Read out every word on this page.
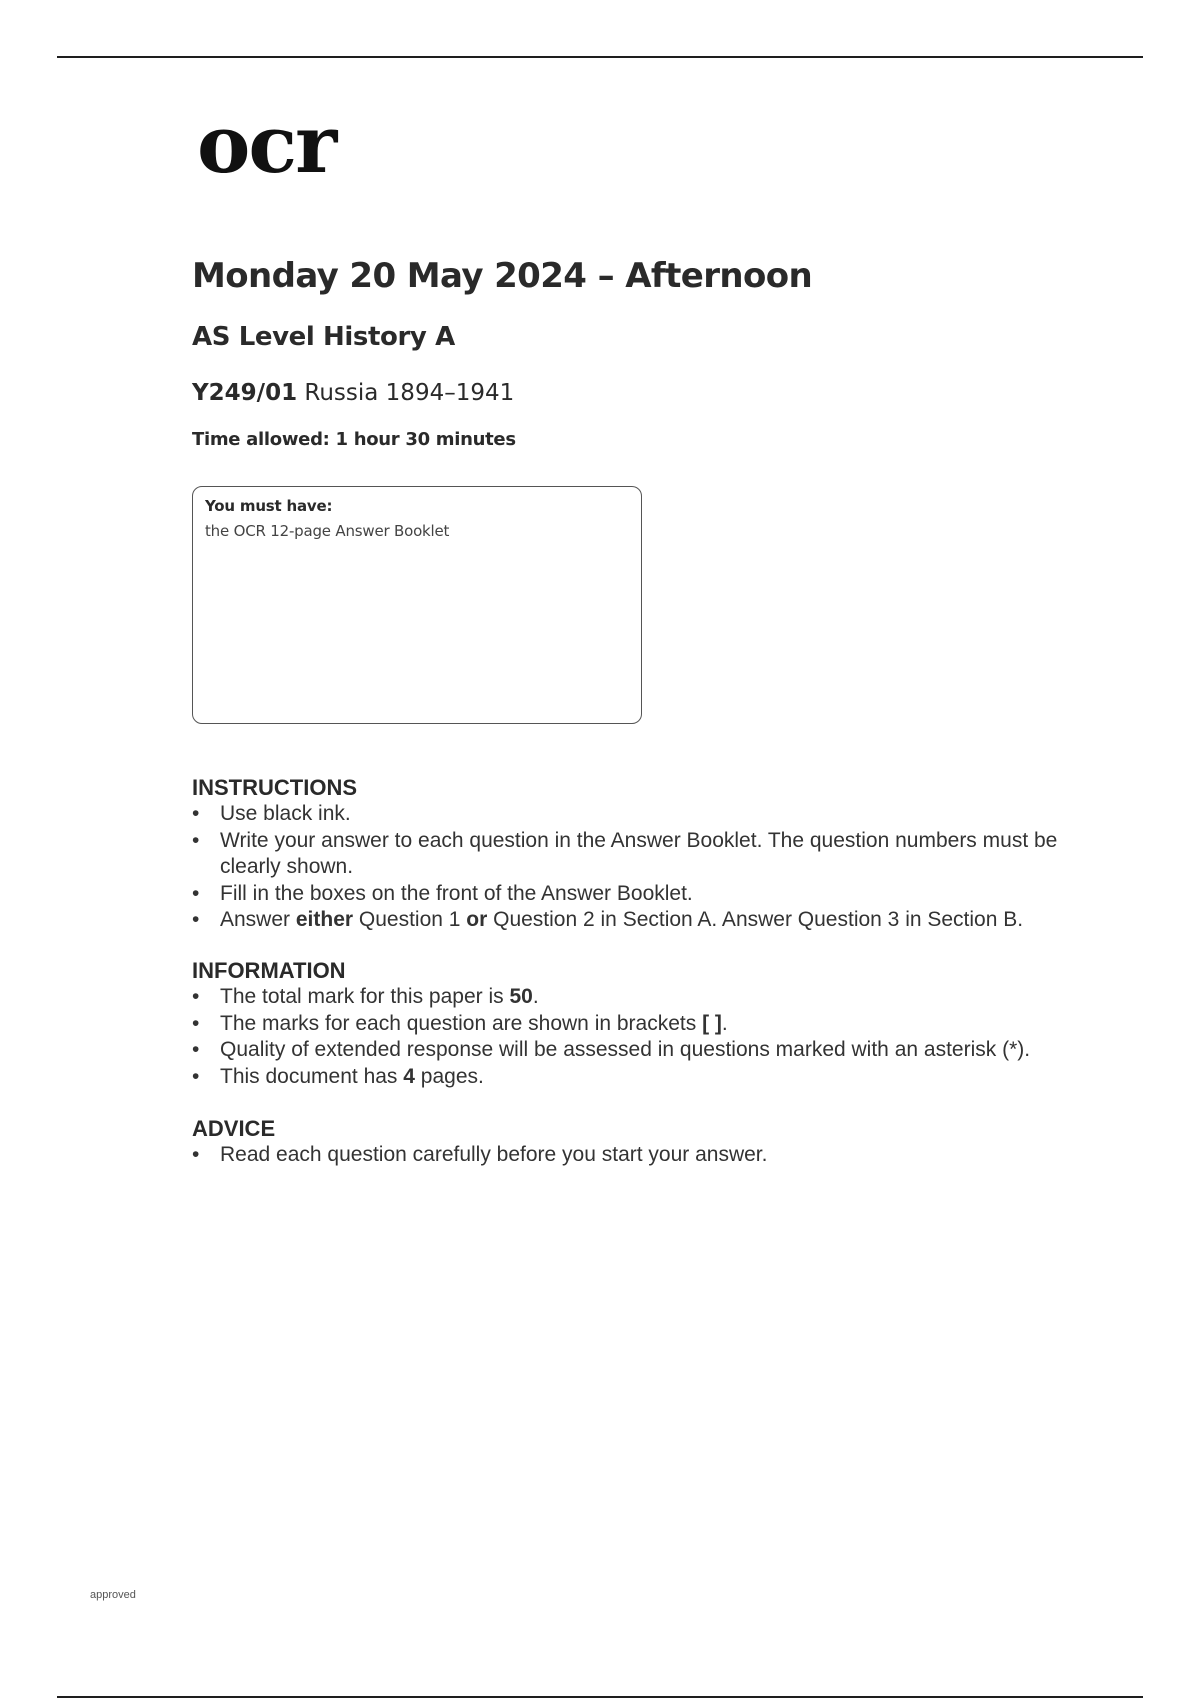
ocr
Monday 20 May 2024 – Afternoon
AS Level History A
Y249/01 Russia 1894–1941
Time allowed: 1 hour 30 minutes
You must have:
the OCR 12-page Answer Booklet
INSTRUCTIONS
• Use black ink.
• Write your answer to each question in the Answer Booklet. The question numbers must be clearly shown.
• Fill in the boxes on the front of the Answer Booklet.
• Answer either Question 1 or Question 2 in Section A. Answer Question 3 in Section B.
INFORMATION
• The total mark for this paper is 50.
• The marks for each question are shown in brackets [ ].
• Quality of extended response will be assessed in questions marked with an asterisk (*).
• This document has 4 pages.
ADVICE
• Read each question carefully before you start your answer.
approved
